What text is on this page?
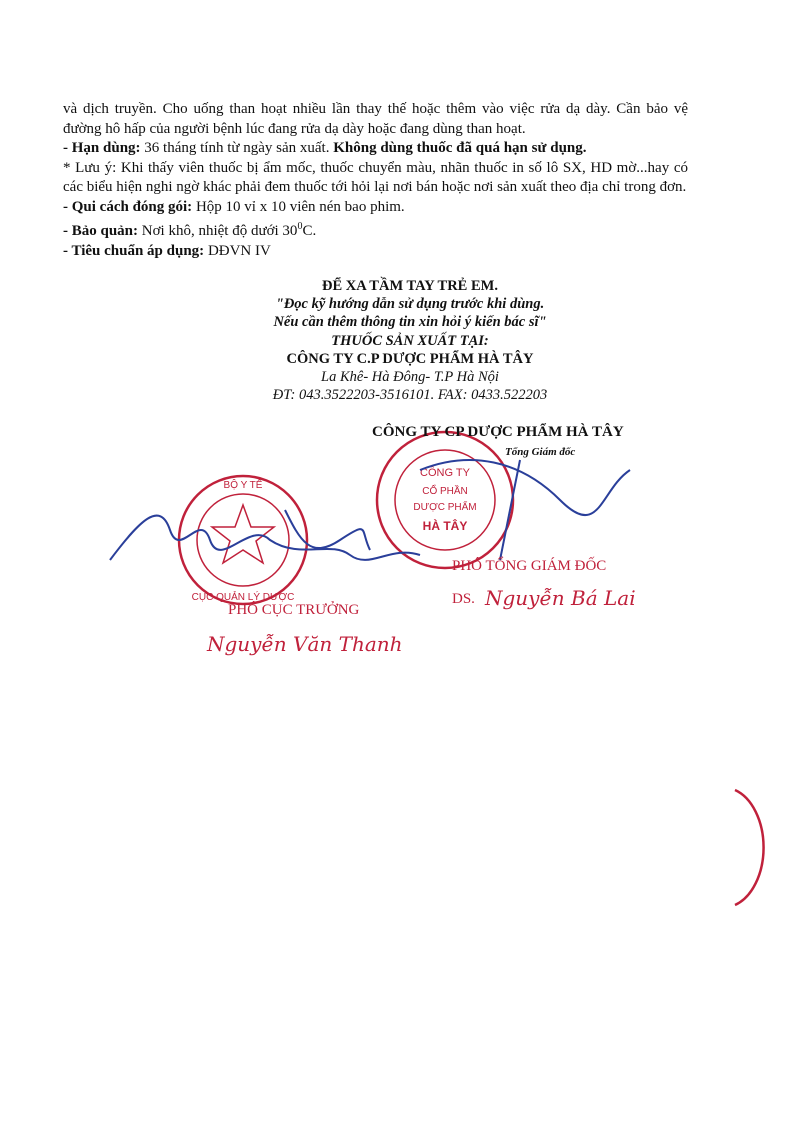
và dịch truyền. Cho uống than hoạt nhiều lần thay thế hoặc thêm vào việc rửa dạ dày. Cần bảo vệ đường hô hấp của người bệnh lúc đang rửa dạ dày hoặc đang dùng than hoạt.

- Hạn dùng: 36 tháng tính từ ngày sản xuất. Không dùng thuốc đã quá hạn sử dụng.

* Lưu ý: Khi thấy viên thuốc bị ẩm mốc, thuốc chuyển màu, nhãn thuốc in số lô SX, HD mờ...hay có các biểu hiện nghi ngờ khác phải đem thuốc tới hỏi lại nơi bán hoặc nơi sản xuất theo địa chỉ trong đơn.

- Qui cách đóng gói: Hộp 10 vỉ x 10 viên nén bao phim.

- Bảo quản: Nơi khô, nhiệt độ dưới $30^0C$.

- Tiêu chuẩn áp dụng: DĐVN IV

ĐỂ XA TẦM TAY TRẺ EM.
"Đọc kỹ hướng dẫn sử dụng trước khi dùng.
Nếu cần thêm thông tin xin hỏi ý kiến bác sĩ"
THUỐC SẢN XUẤT TẠI:
CÔNG TY C.P DƯỢC PHẨM HÀ TÂY
La Khê- Hà Đông- T.P Hà Nội
ĐT: 043.3522203-3516101. FAX: 0433.522203
CÔNG TY
CỔ PHẦN
DƯỢC PHẨM
HÀ TÂY
BỘ Y TẾ
CỤC QUẢN LÝ DƯỢC
CÔNG TY CP DƯỢC PHẨM HÀ TÂY
Tổng Giám đốc
PHÓ TỔNG GIÁM ĐỐC
DS. Nguyễn Bá Lai
PHÓ CỤC TRƯỞNG
Nguyễn Văn Thanh
